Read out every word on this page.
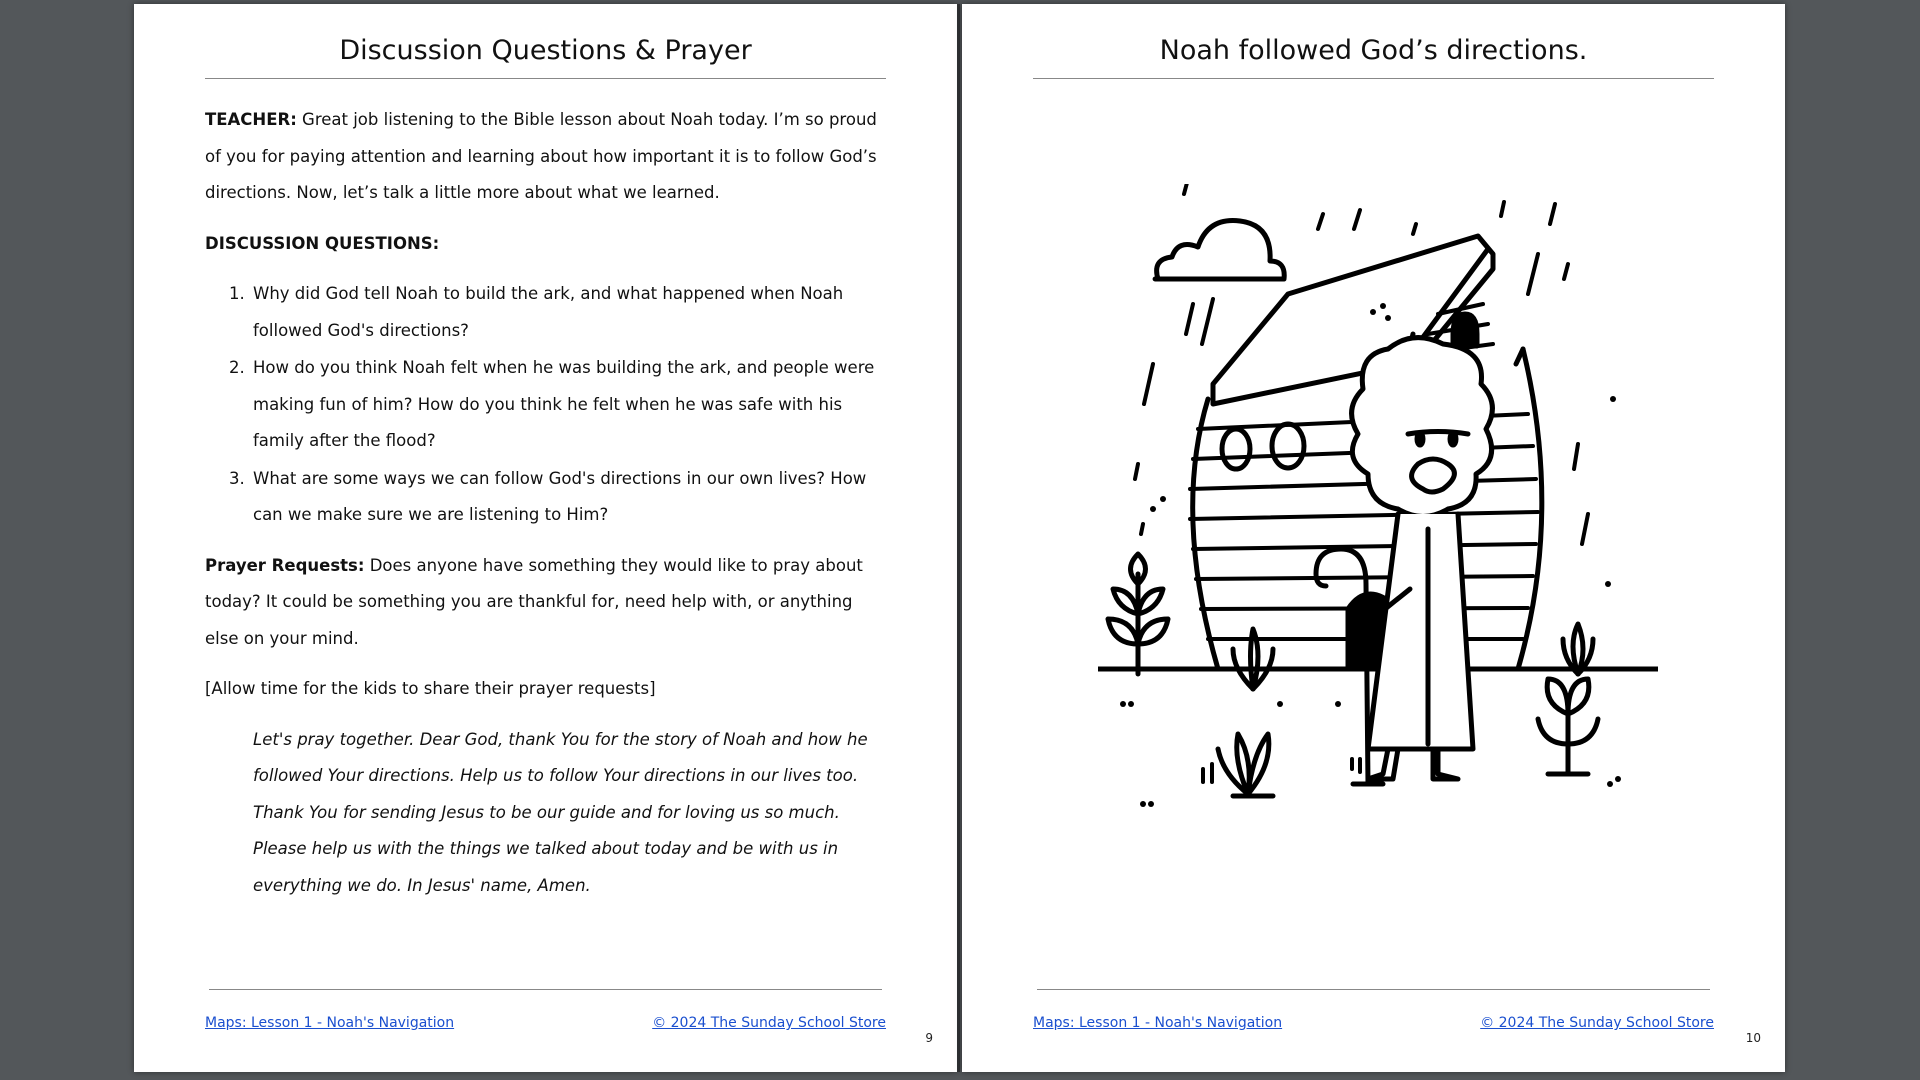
Discussion Questions & Prayer

TEACHER: Great job listening to the Bible lesson about Noah today. I’m so proud of you for paying attention and learning about how important it is to follow God’s directions. Now, let’s talk a little more about what we learned.

DISCUSSION QUESTIONS:

1. Why did God tell Noah to build the ark, and what happened when Noah followed God's directions?
2. How do you think Noah felt when he was building the ark, and people were making fun of him? How do you think he felt when he was safe with his family after the flood?
3. What are some ways we can follow God's directions in our own lives? How can we make sure we are listening to Him?

Prayer Requests: Does anyone have something they would like to pray about today? It could be something you are thankful for, need help with, or anything else on your mind.

[Allow time for the kids to share their prayer requests]

Let's pray together. Dear God, thank You for the story of Noah and how he followed Your directions. Help us to follow Your directions in our lives too. Thank You for sending Jesus to be our guide and for loving us so much. Please help us with the things we talked about today and be with us in everything we do. In Jesus' name, Amen.

Maps: Lesson 1 - Noah's Navigation	© 2024 The Sunday School Store
9
Noah followed God’s directions.
Maps: Lesson 1 - Noah's Navigation	© 2024 The Sunday School Store
10
